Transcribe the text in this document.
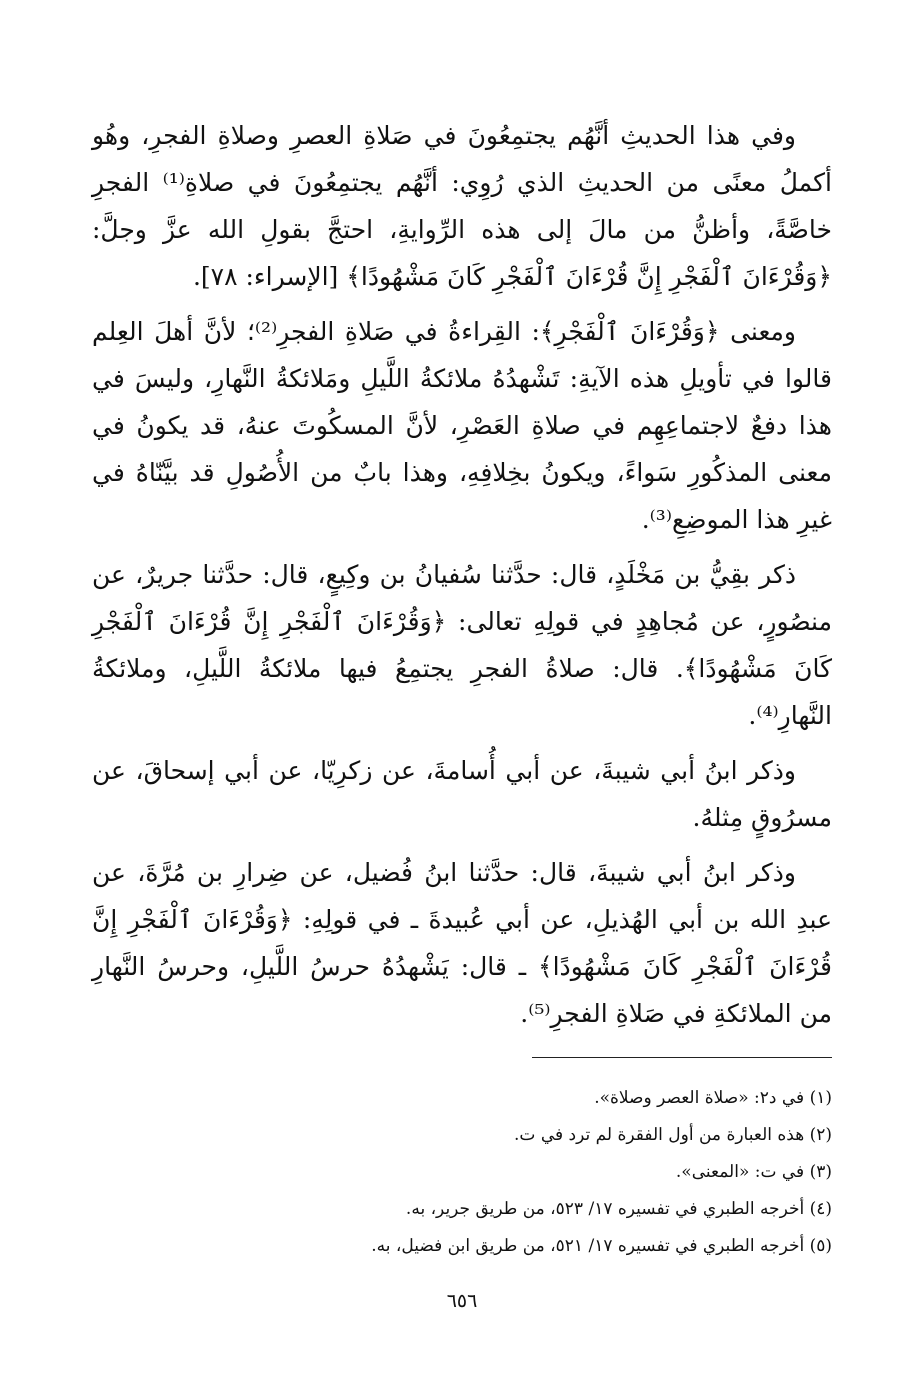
وفي هذا الحديثِ أنَّهُم يجتمِعُونَ في صَلاةِ العصرِ وصلاةِ الفجرِ، وهُو أكملُ معنًى من الحديثِ الذي رُوِي: أنَّهُم يجتمِعُونَ في صلاةِ⁽¹⁾ الفجرِ خاصَّةً، وأظنُّ من مالَ إلى هذه الرِّوايةِ، احتجَّ بقولِ الله عزَّ وجلَّ: ﴿وَقُرْءَانَ ٱلْفَجْرِ إِنَّ قُرْءَانَ ٱلْفَجْرِ كَانَ مَشْهُودًا﴾ [الإسراء: ٧٨].

ومعنى ﴿وَقُرْءَانَ ٱلْفَجْرِ﴾: القِراءةُ في صَلاةِ الفجرِ⁽²⁾؛ لأنَّ أهلَ العِلم قالوا في تأويلِ هذه الآيةِ: تَشْهدُهُ ملائكةُ اللَّيلِ ومَلائكةُ النَّهارِ، وليسَ في هذا دفعٌ لاجتماعِهِم في صلاةِ العَصْرِ، لأنَّ المسكُوتَ عنهُ، قد يكونُ في معنى المذكُورِ سَواءً، ويكونُ بخِلافِهِ، وهذا بابٌ من الأُصُولِ قد بيَّنّاهُ في غيرِ هذا الموضِعِ⁽³⁾.

ذكر بقِيُّ بن مَخْلَدٍ، قال: حدَّثنا سُفيانُ بن وكِيعٍ، قال: حدَّثنا جريرٌ، عن منصُورٍ، عن مُجاهِدٍ في قولِهِ تعالى: ﴿وَقُرْءَانَ ٱلْفَجْرِ إِنَّ قُرْءَانَ ٱلْفَجْرِ كَانَ مَشْهُودًا﴾. قال: صلاةُ الفجرِ يجتمِعُ فيها ملائكةُ اللَّيلِ، وملائكةُ النَّهارِ⁽⁴⁾.

وذكر ابنُ أبي شيبةَ، عن أبي أُسامةَ، عن زكرِيّا، عن أبي إسحاقَ، عن مسرُوقٍ مِثلهُ.

وذكر ابنُ أبي شيبةَ، قال: حدَّثنا ابنُ فُضيل، عن ضِرارِ بن مُرَّةَ، عن عبدِ الله بن أبي الهُذيلِ، عن أبي عُبيدةَ ـ في قولِهِ: ﴿وَقُرْءَانَ ٱلْفَجْرِ إِنَّ قُرْءَانَ ٱلْفَجْرِ كَانَ مَشْهُودًا﴾ ـ قال: يَشْهدُهُ حرسُ اللَّيلِ، وحرسُ النَّهارِ من الملائكةِ في صَلاةِ الفجرِ⁽⁵⁾.

(١) في د٢: «صلاة العصر وصلاة».

(٢) هذه العبارة من أول الفقرة لم ترد في ت.

(٣) في ت: «المعنى».

(٤) أخرجه الطبري في تفسيره ١٧/ ٥٢٣، من طريق جرير، به.

(٥) أخرجه الطبري في تفسيره ١٧/ ٥٢١، من طريق ابن فضيل، به.

٦٥٦
